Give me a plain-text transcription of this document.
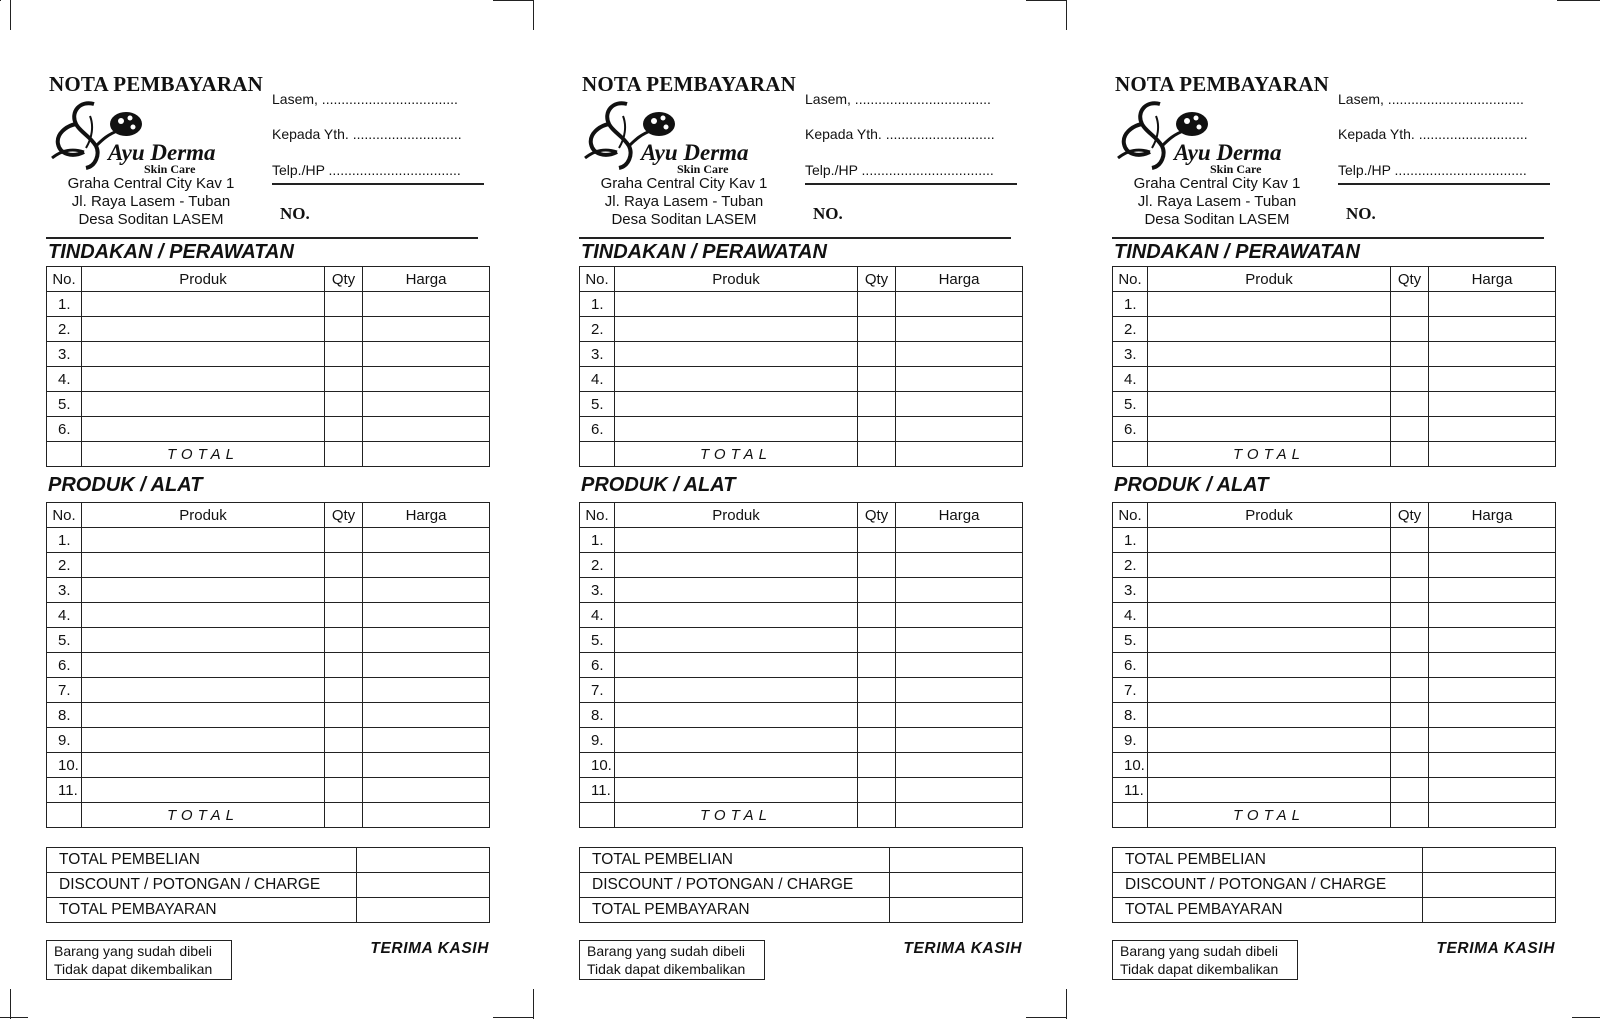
NOTA PEMBAYARAN
Ayu Derma
Skin Care
Graha Central City Kav 1
Jl. Raya Lasem - Tuban
Desa Soditan LASEM
Lasem, ...................................
Kepada Yth. ............................
Telp./HP ..................................
NO.
TINDAKAN / PERAWATAN
No.	Produk	Qty	Harga
1.			
2.			
3.			
4.			
5.			
6.			
	TOTAL		
PRODUK / ALAT
No.	Produk	Qty	Harga
1.			
2.			
3.			
4.			
5.			
6.			
7.			
8.			
9.			
10.			
11.			
	TOTAL		
TOTAL PEMBELIAN	
DISCOUNT / POTONGAN / CHARGE	
TOTAL PEMBAYARAN	
Barang yang sudah dibeli
Tidak dapat dikembalikan
TERIMA KASIH
NOTA PEMBAYARAN
Ayu Derma
Skin Care
Graha Central City Kav 1
Jl. Raya Lasem - Tuban
Desa Soditan LASEM
Lasem, ...................................
Kepada Yth. ............................
Telp./HP ..................................
NO.
TINDAKAN / PERAWATAN
No.	Produk	Qty	Harga
1.			
2.			
3.			
4.			
5.			
6.			
	TOTAL		
PRODUK / ALAT
No.	Produk	Qty	Harga
1.			
2.			
3.			
4.			
5.			
6.			
7.			
8.			
9.			
10.			
11.			
	TOTAL		
TOTAL PEMBELIAN	
DISCOUNT / POTONGAN / CHARGE	
TOTAL PEMBAYARAN	
Barang yang sudah dibeli
Tidak dapat dikembalikan
TERIMA KASIH
NOTA PEMBAYARAN
Ayu Derma
Skin Care
Graha Central City Kav 1
Jl. Raya Lasem - Tuban
Desa Soditan LASEM
Lasem, ...................................
Kepada Yth. ............................
Telp./HP ..................................
NO.
TINDAKAN / PERAWATAN
No.	Produk	Qty	Harga
1.			
2.			
3.			
4.			
5.			
6.			
	TOTAL		
PRODUK / ALAT
No.	Produk	Qty	Harga
1.			
2.			
3.			
4.			
5.			
6.			
7.			
8.			
9.			
10.			
11.			
	TOTAL		
TOTAL PEMBELIAN	
DISCOUNT / POTONGAN / CHARGE	
TOTAL PEMBAYARAN	
Barang yang sudah dibeli
Tidak dapat dikembalikan
TERIMA KASIH
